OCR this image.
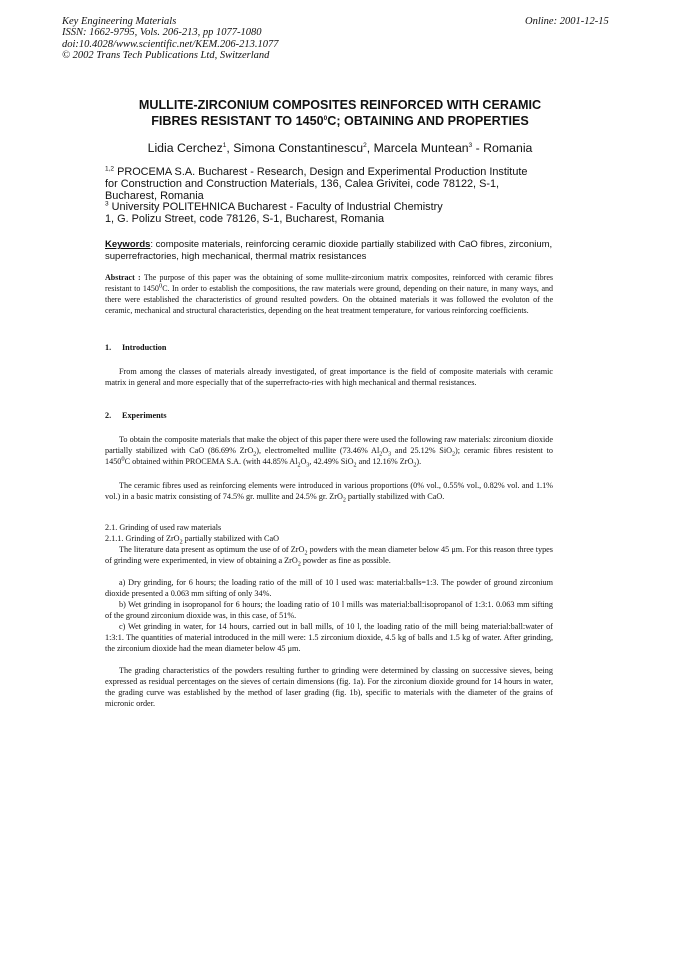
Key Engineering Materials
ISSN: 1662-9795, Vols. 206-213, pp 1077-1080
doi:10.4028/www.scientific.net/KEM.206-213.1077
© 2002 Trans Tech Publications Ltd, Switzerland
Online: 2001-12-15
MULLITE-ZIRCONIUM COMPOSITES REINFORCED WITH CERAMIC
FIBRES RESISTANT TO 1450$^0$C; OBTAINING AND PROPERTIES
Lidia Cerchez$^1$, Simona Constantinescu$^2$, Marcela Muntean$^3$ - Romania
$^{1,2}$ PROCEMA S.A. Bucharest - Research, Design and Experimental Production Institute
for Construction and Construction Materials, 136, Calea Grivitei, code 78122, S-1,
Bucharest, Romania
$^3$ University POLITEHNICA Bucharest - Faculty of Industrial Chemistry
1, G. Polizu Street, code 78126, S-1, Bucharest, Romania
Keywords: composite materials, reinforcing ceramic dioxide partially stabilized with CaO fibres, zirconium, superrefractories, high mechanical, thermal matrix resistances
Abstract : The purpose of this paper was the obtaining of some mullite-zirconium matrix composites, reinforced with ceramic fibres resistant to 1450$^0$C. In order to establish the compositions, the raw materials were ground, depending on their nature, in many ways, and there were established the characteristics of ground resulted powders. On the obtained materials it was followed the evoluton of the ceramic, mechanical and structural characteristics, depending on the heat treatment temperature, for various reinforcing coefficients.
1. Introduction
From among the classes of materials already investigated, of great importance is the field of composite materials with ceramic matrix in general and more especially that of the superrefracto-ries with high mechanical and thermal resistances.
2. Experiments
To obtain the composite materials that make the object of this paper there were used the following raw materials: zirconium dioxide partially stabilized with CaO (86.69% ZrO$_2$), electromelted mullite (73.46% $Al_2O_3$ and 25.12% SiO$_2$); ceramic fibres resistent to 1450$^0$C obtained within PROCEMA S.A. (with 44.85% $Al_2O_3$, 42.49% SiO$_2$ and 12.16% ZrO$_2$).
The ceramic fibres used as reinforcing elements were introduced in various proportions (0% vol., 0.55% vol., 0.82% vol. and 1.1% vol.) in a basic matrix consisting of 74.5% gr. mullite and 24.5% gr. ZrO$_2$ partially stabilized with CaO.
2.1. Grinding of used raw materials
2.1.1. Grinding of ZrO$_2$ partially stabilized with CaO
The literature data present as optimum the use of of ZrO$_2$ powders with the mean diameter below 45 μm. For this reason three types of grinding were experimented, in view of obtaining a ZrO$_2$ powder as fine as possible.
a) Dry grinding, for 6 hours; the loading ratio of the mill of 10 l used was: material:balls=1:3. The powder of ground zirconium dioxide presented a 0.063 mm sifting of only 34%.
b) Wet grinding in isopropanol for 6 hours; the loading ratio of 10 l mills was material:ball:isopropanol of 1:3:1. 0.063 mm sifting of the ground zirconium dioxide was, in this case, of 51%.
c) Wet grinding in water, for 14 hours, carried out in ball mills, of 10 l, the loading ratio of the mill being material:ball:water of 1:3:1. The quantities of material introduced in the mill were: 1.5 zirconium dioxide, 4.5 kg of balls and 1.5 kg of water. After grinding, the zirconium dioxide had the mean diameter below 45 μm.
The grading characteristics of the powders resulting further to grinding were determined by classing on successive sieves, being expressed as residual percentages on the sieves of certain dimensions (fig. 1a). For the zirconium dioxide ground for 14 hours in water, the grading curve was established by the method of laser grading (fig. 1b), specific to materials with the diameter of the grains of micronic order.
